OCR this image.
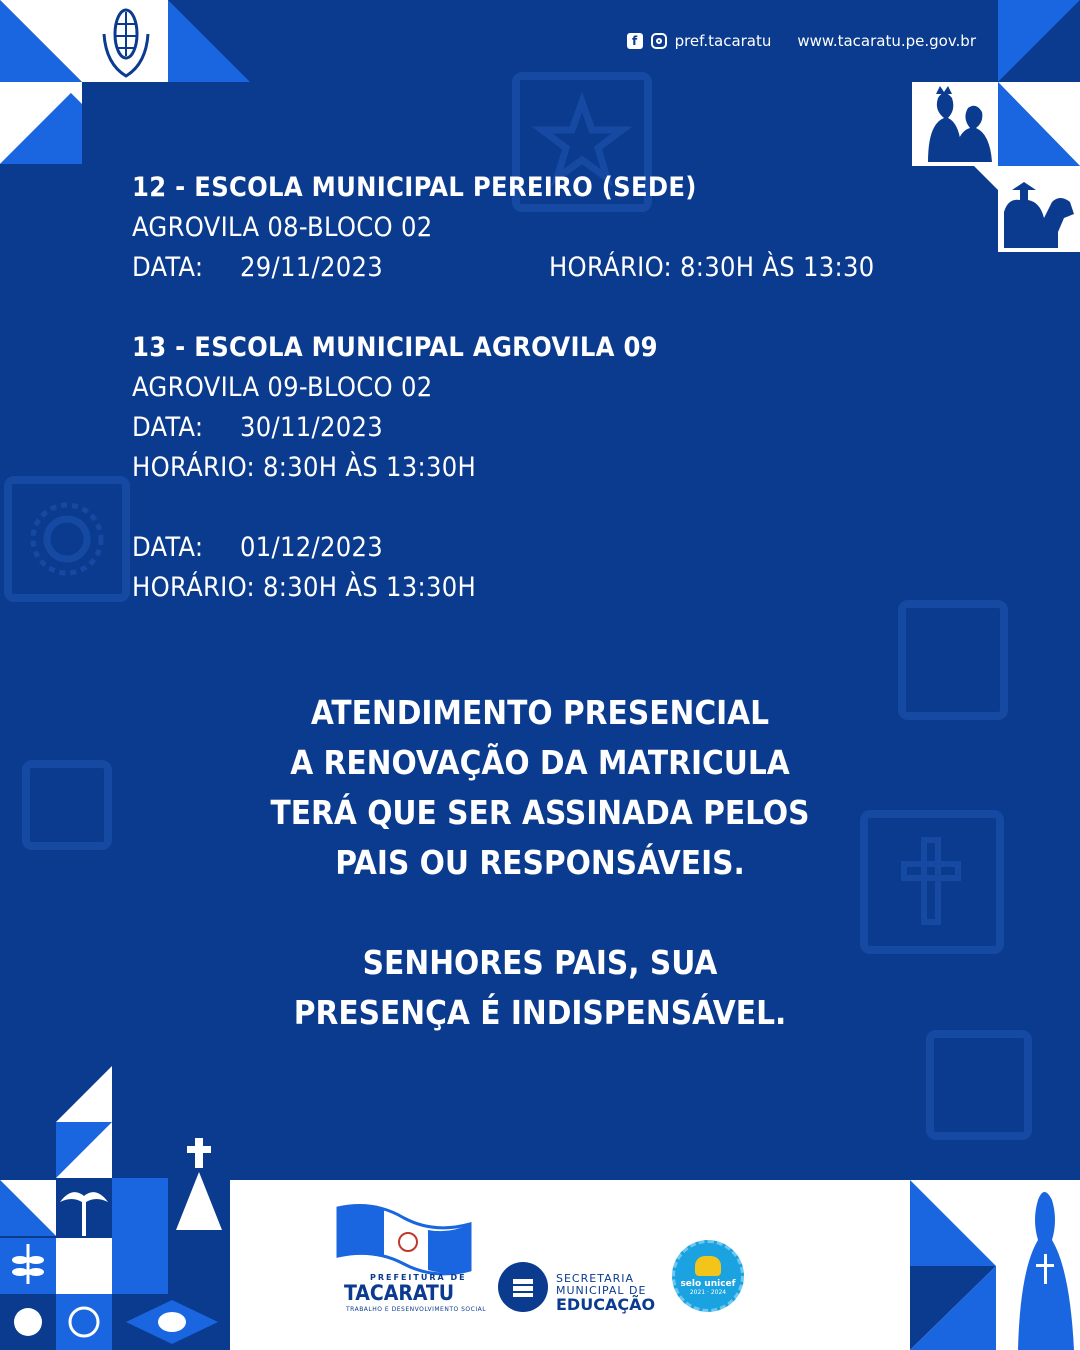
f	pref.tacaratu www.tacaratu.pe.gov.br
12 - ESCOLA MUNICIPAL PEREIRO (SEDE)
AGROVILA 08-BLOCO 02
DATA:	29/11/2023	HORÁRIO: 8:30H ÀS 13:30
13 - ESCOLA MUNICIPAL AGROVILA 09
AGROVILA 09-BLOCO 02
DATA:	30/11/2023
HORÁRIO: 8:30H ÀS 13:30H
DATA:	01/12/2023
HORÁRIO: 8:30H ÀS 13:30H
ATENDIMENTO PRESENCIAL
A RENOVAÇÃO DA MATRICULA
TERÁ QUE SER ASSINADA PELOS
PAIS OU RESPONSÁVEIS.
SENHORES PAIS, SUA
PRESENÇA É INDISPENSÁVEL.
PREFEITURA DE
TACARATU
TRABALHO E DESENVOLVIMENTO SOCIAL
SECRETARIA
MUNICIPAL DE
EDUCAÇÃO
selo unicef
2021 · 2024
